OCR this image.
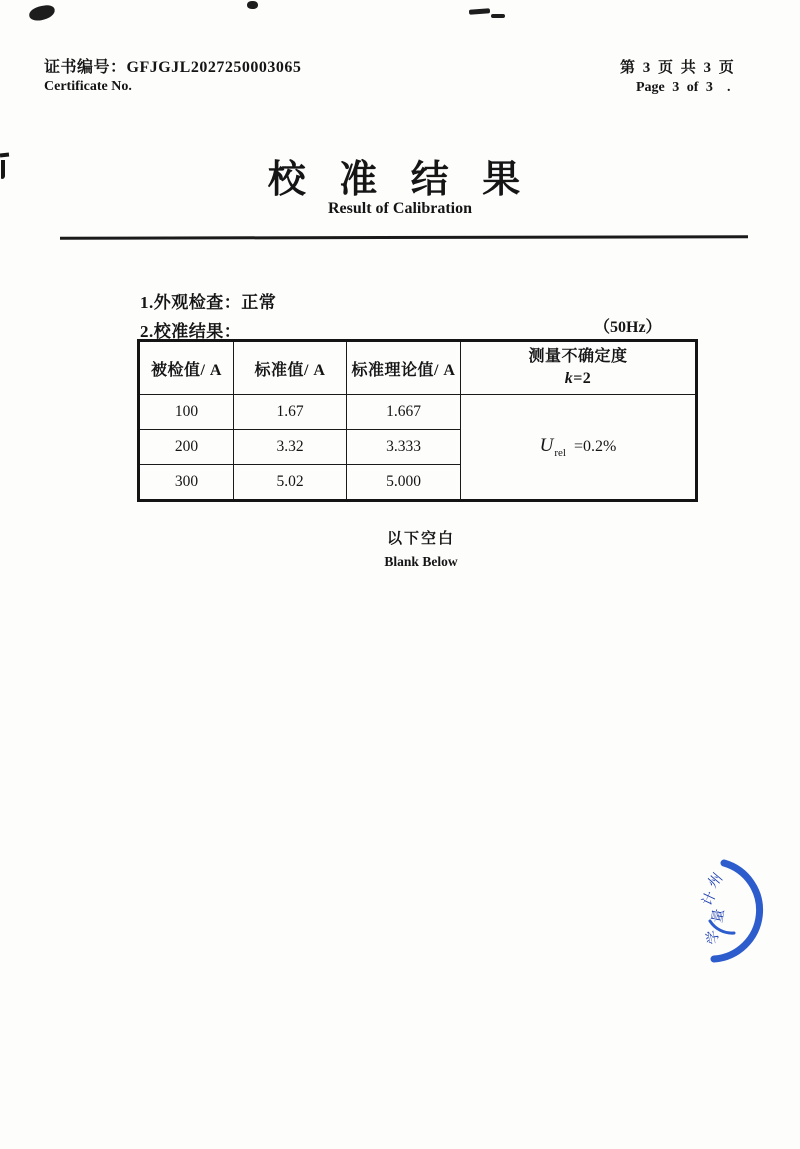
证书编号：GFJGJL2027250003065
Certificate No.
第 3 页 共 3 页
Page 3 of 3 .
校 准 结 果
Result of Calibration
1.外观检查：正常
2.校准结果：	（50Hz）
被检值/ A	标准值/ A	标准理论值/ A	测量不确定度
k=2

100	1.67	1.667	$U_{rel} =0.2\%$
200	3.32	3.333	
300	5.02	5.000	
以下空白
Blank Below
州
计
量
学
